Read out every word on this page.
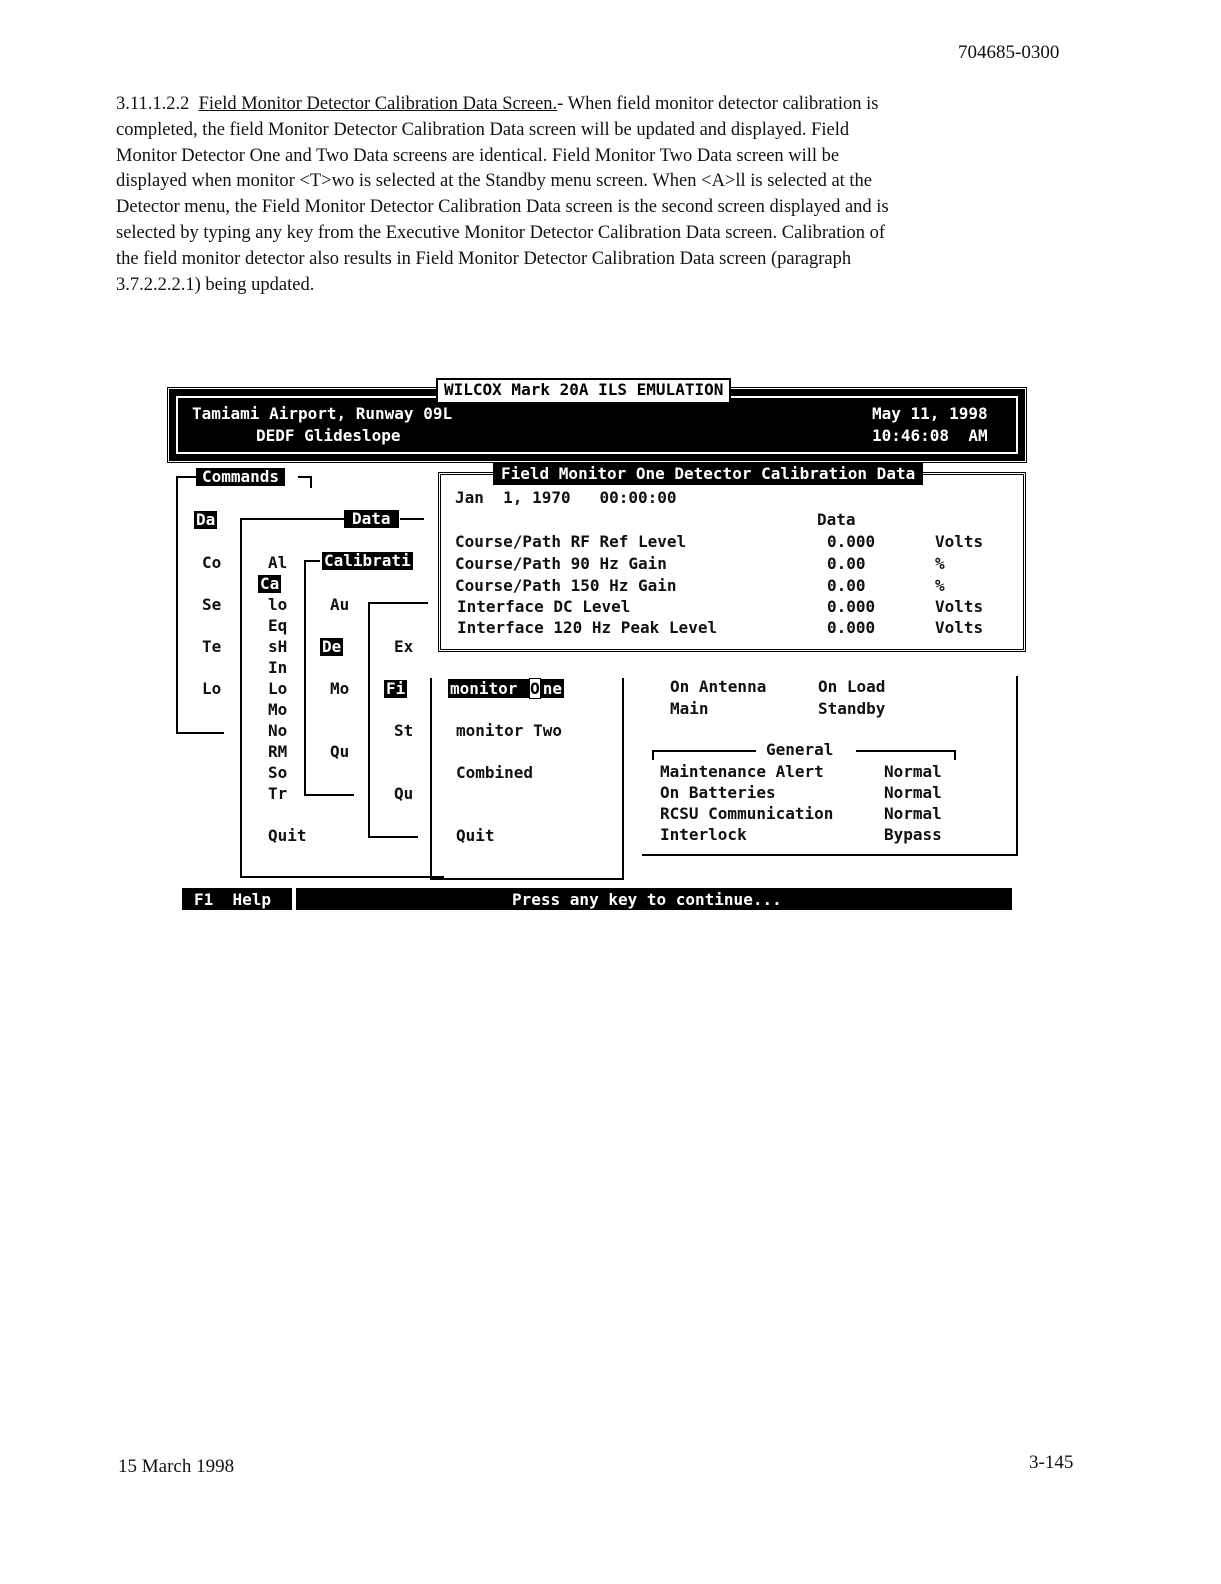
704685-0300

3.11.1.2.2 Field Monitor Detector Calibration Data Screen.- When field monitor detector calibration is
completed, the field Monitor Detector Calibration Data screen will be updated and displayed. Field
Monitor Detector One and Two Data screens are identical. Field Monitor Two Data screen will be
displayed when monitor <T>wo is selected at the Standby menu screen. When <A>ll is selected at the
Detector menu, the Field Monitor Detector Calibration Data screen is the second screen displayed and is
selected by typing any key from the Executive Monitor Detector Calibration Data screen. Calibration of
the field monitor detector also results in Field Monitor Detector Calibration Data screen (paragraph
3.7.2.2.2.1) being updated.

WILCOX Mark 20A ILS EMULATION
Tamiami Airport, Runway 09L
DEDF Glideslope
May 11, 1998
10:46:08  AM
Commands
Da
Co
Se
Te
Lo
Data
Al
Ca
lo
Eq
sH
In
Lo
Mo
No
RM
So
Tr
Quit
Calibrati
Au
De
Mo
Qu
Ex
Fi
St
Qu
monitor O ne
monitor Two
Combined
Quit
On Antenna	On Load
Main	Standby
General
Maintenance Alert	Normal
On Batteries	Normal
RCSU Communication	Normal
Interlock	Bypass
Field Monitor One Detector Calibration Data
Jan  1, 1970   00:00:00
Data
Course/Path RF Ref Level	0.000	Volts
Course/Path 90 Hz Gain	0.00	%
Course/Path 150 Hz Gain	0.00	%
Interface DC Level	0.000	Volts
Interface 120 Hz Peak Level	0.000	Volts
F1  Help	Press any key to continue...
15 March 1998	3-145
